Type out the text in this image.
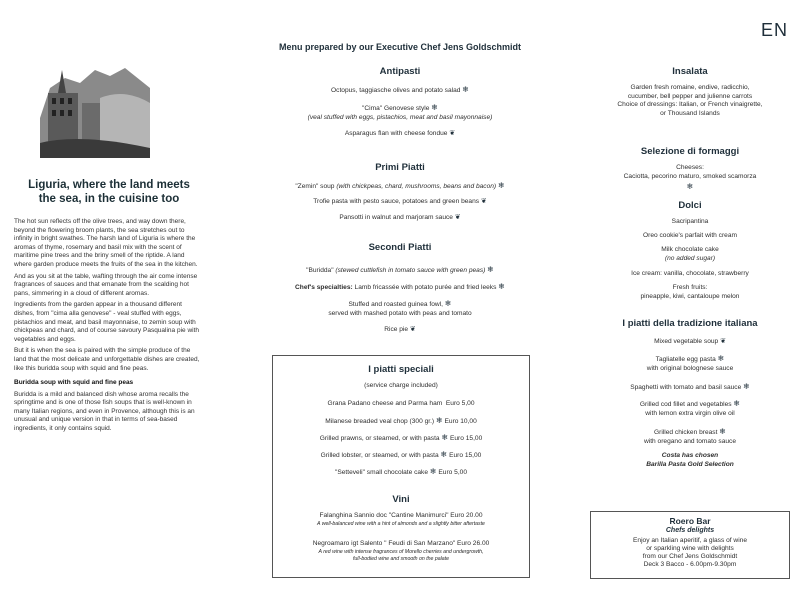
Liguria, where the land meets
the sea, in the cuisine too

The hot sun reflects off the olive trees, and way down there, beyond the flowering broom plants, the sea stretches out to infinity in bright swathes. The harsh land of Liguria is where the aromas of thyme, rosemary and basil mix with the scent of maritime pine trees and the briny smell of the riptide. A land where garden produce meets the fruits of the sea in the kitchen.

And as you sit at the table, wafting through the air come intense fragrances of sauces and that emanate from the scalding hot pans, simmering in a cloud of different aromas.

Ingredients from the garden appear in a thousand different dishes, from "cima alla genovese" - veal stuffed with eggs, pistachios and meat, and basil mayonnaise, to zemin soup with chickpeas and chard, and of course savoury Pasqualina pie with vegetables and eggs.

But it is when the sea is paired with the simple produce of the land that the most delicate and unforgettable dishes are created, like this buridda soup with squid and fine peas.

Buridda soup with squid and fine peas

Buridda is a mild and balanced dish whose aroma recalls the springtime and is one of those fish soups that is well-known in many Italian regions, and even in Provence, although this is an unusual and unique version in that in terms of sea-based ingredients, it only contains squid.

Menu prepared by our Executive Chef Jens Goldschmidt
Antipasti
Octopus, taggiasche olives and potato salad ❄
"Cima" Genovese style ❄
(veal stuffed with eggs, pistachios, meat and basil mayonnaise)
Asparagus flan with cheese fondue ❦
Primi Piatti
"Zemin" soup (with chickpeas, chard, mushrooms, beans and bacon) ❄
Trofie pasta with pesto sauce, potatoes and green beans ❦
Pansotti in walnut and marjoram sauce ❦
Secondi Piatti
"Buridda" (stewed cuttlefish in tomato sauce with green peas) ❄
Chef's specialties: Lamb fricassée with potato purée and fried leeks ❄
Stuffed and roasted guinea fowl, ❄
served with mashed potato with peas and tomato
Rice pie ❦
I piatti speciali
(service charge included)
Grana Padano cheese and Parma ham Euro 5,00
Milanese breaded veal chop (300 gr.) ❄ Euro 10,00
Grilled prawns, or steamed, or with pasta ❄ Euro 15,00
Grilled lobster, or steamed, or with pasta ❄ Euro 15,00
"Setteveli" small chocolate cake ❄ Euro 5,00
Vini
Falanghina Sannio doc "Cantine Manimurci" Euro 20.00
A well-balanced wine with a hint of almonds and a slightly bitter aftertaste
Negroamaro igt Salento " Feudi di San Marzano" Euro 26.00
A red wine with intense fragrances of Morello cherries and undergrowth,
full-bodied wine and smooth on the palate
EN
Insalata
Garden fresh romaine, endive, radicchio,
cucumber, bell pepper and julienne carrots
Choice of dressings: Italian, or French vinaigrette,
or Thousand Islands
Selezione di formaggi
Cheeses:
Caciotta, pecorino maturo, smoked scamorza
❄
Dolci
Sacripantina
Oreo cookie's parfait with cream
Milk chocolate cake
(no added sugar)
Ice cream: vanilla, chocolate, strawberry
Fresh fruits:
pineapple, kiwi, cantaloupe melon
I piatti della tradizione italiana
Mixed vegetable soup ❦
Tagliatelle egg pasta ❄
with original bolognese sauce
Spaghetti with tomato and basil sauce ❄
Grilled cod fillet and vegetables ❄
with lemon extra virgin olive oil
Grilled chicken breast ❄
with oregano and tomato sauce
Costa has chosen
Barilla Pasta Gold Selection
Roero Bar
Chefs delights
Enjoy an Italian aperitif, a glass of wine
or sparkling wine with delights
from our Chef Jens Goldschmidt
Deck 3 Bacco - 6.00pm-9.30pm
